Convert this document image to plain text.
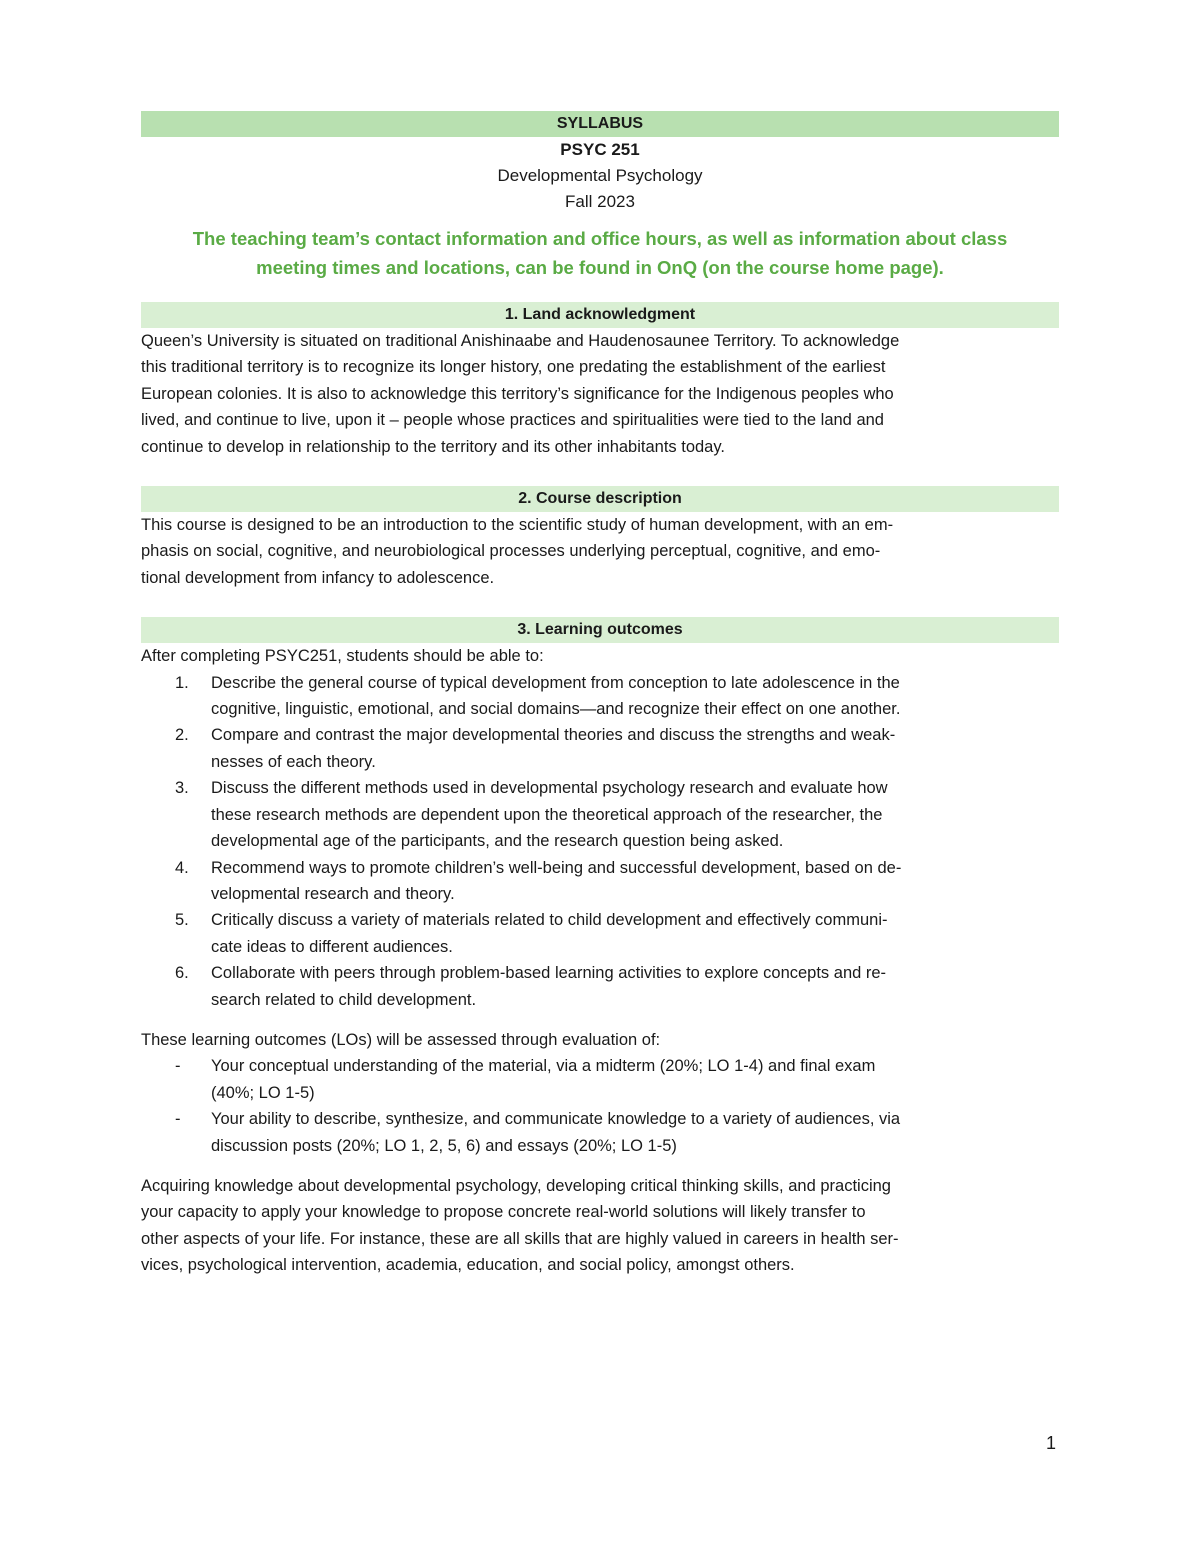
SYLLABUS
PSYC 251
Developmental Psychology
Fall 2023
The teaching team’s contact information and office hours, as well as information about class
meeting times and locations, can be found in OnQ (on the course home page).
1. Land acknowledgment
Queen’s University is situated on traditional Anishinaabe and Haudenosaunee Territory. To acknowledge
this traditional territory is to recognize its longer history, one predating the establishment of the earliest
European colonies. It is also to acknowledge this territory’s significance for the Indigenous peoples who
lived, and continue to live, upon it – people whose practices and spiritualities were tied to the land and
continue to develop in relationship to the territory and its other inhabitants today.
2. Course description
This course is designed to be an introduction to the scientific study of human development, with an em-
phasis on social, cognitive, and neurobiological processes underlying perceptual, cognitive, and emo-
tional development from infancy to adolescence.
3. Learning outcomes
After completing PSYC251, students should be able to:
1. Describe the general course of typical development from conception to late adolescence in the
cognitive, linguistic, emotional, and social domains—and recognize their effect on one another.
2. Compare and contrast the major developmental theories and discuss the strengths and weak-
nesses of each theory.
3. Discuss the different methods used in developmental psychology research and evaluate how
these research methods are dependent upon the theoretical approach of the researcher, the
developmental age of the participants, and the research question being asked.
4. Recommend ways to promote children’s well-being and successful development, based on de-
velopmental research and theory.
5. Critically discuss a variety of materials related to child development and effectively communi-
cate ideas to different audiences.
6. Collaborate with peers through problem-based learning activities to explore concepts and re-
search related to child development.
These learning outcomes (LOs) will be assessed through evaluation of:
- Your conceptual understanding of the material, via a midterm (20%; LO 1-4) and final exam
(40%; LO 1-5)
- Your ability to describe, synthesize, and communicate knowledge to a variety of audiences, via
discussion posts (20%; LO 1, 2, 5, 6) and essays (20%; LO 1-5)
Acquiring knowledge about developmental psychology, developing critical thinking skills, and practicing
your capacity to apply your knowledge to propose concrete real-world solutions will likely transfer to
other aspects of your life. For instance, these are all skills that are highly valued in careers in health ser-
vices, psychological intervention, academia, education, and social policy, amongst others.
1
